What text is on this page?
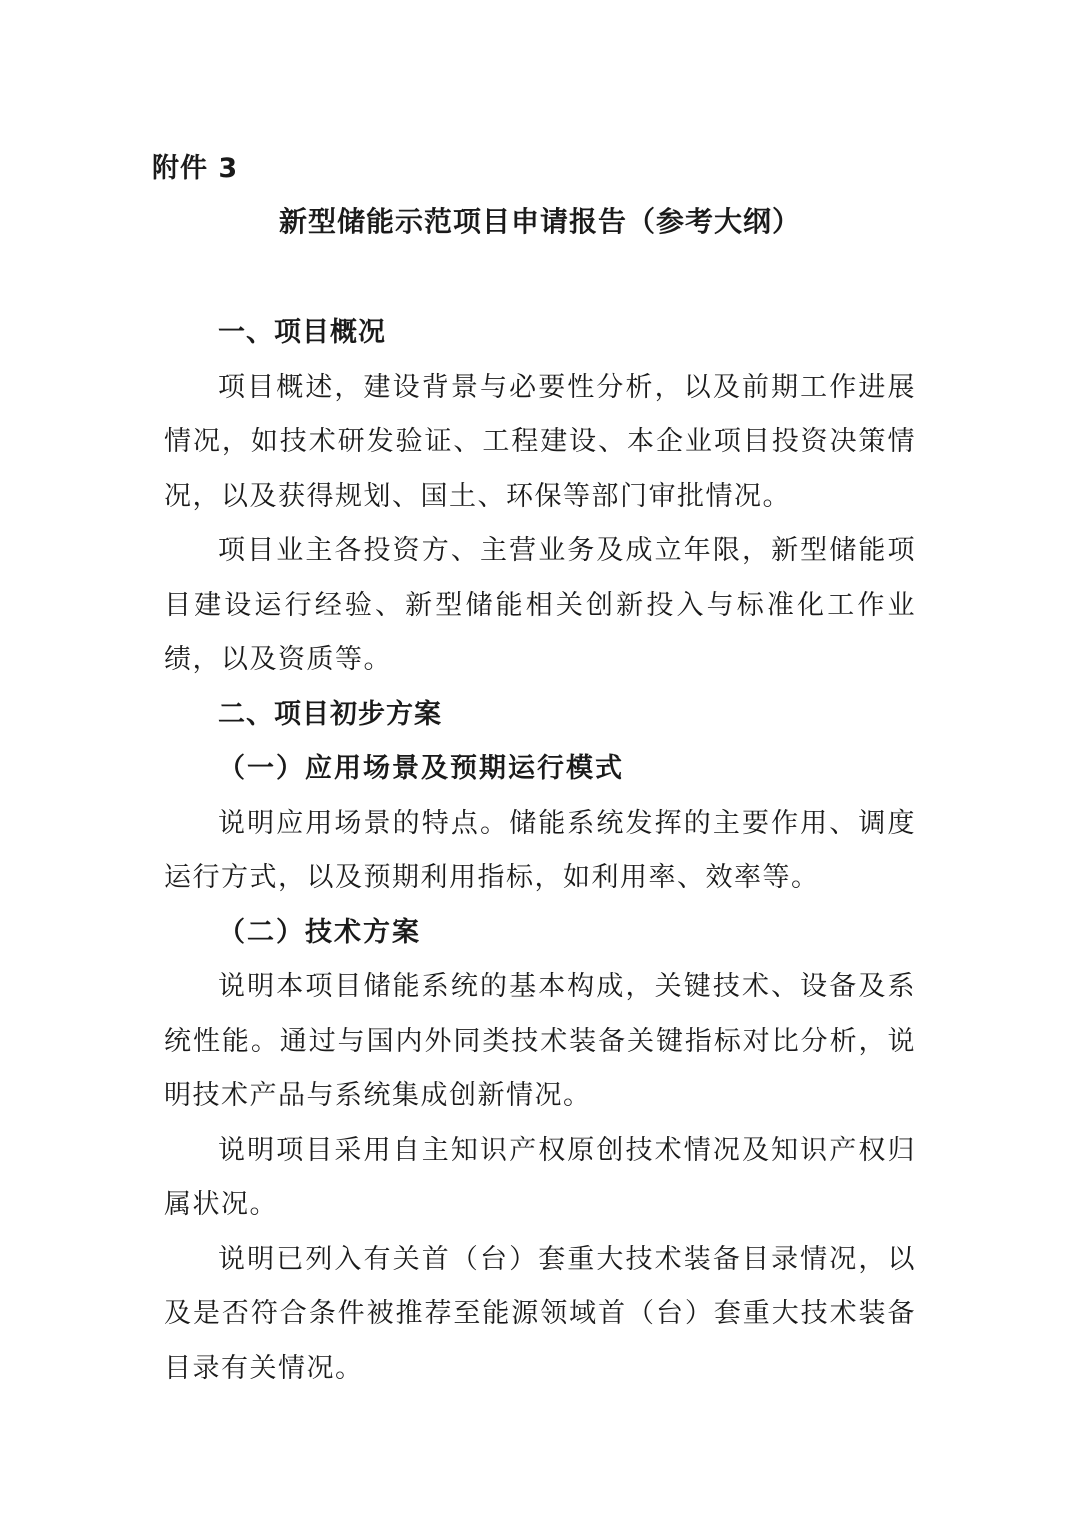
附件 3
新型储能示范项目申请报告（参考大纲）
一、项目概况

项目概述，建设背景与必要性分析，以及前期工作进展情况，如技术研发验证、工程建设、本企业项目投资决策情况，以及获得规划、国土、环保等部门审批情况。

项目业主各投资方、主营业务及成立年限，新型储能项目建设运行经验、新型储能相关创新投入与标准化工作业绩，以及资质等。

二、项目初步方案
（一）应用场景及预期运行模式

说明应用场景的特点。储能系统发挥的主要作用、调度运行方式，以及预期利用指标，如利用率、效率等。

（二）技术方案

说明本项目储能系统的基本构成，关键技术、设备及系统性能。通过与国内外同类技术装备关键指标对比分析，说明技术产品与系统集成创新情况。

说明项目采用自主知识产权原创技术情况及知识产权归属状况。

说明已列入有关首（台）套重大技术装备目录情况，以及是否符合条件被推荐至能源领域首（台）套重大技术装备目录有关情况。
